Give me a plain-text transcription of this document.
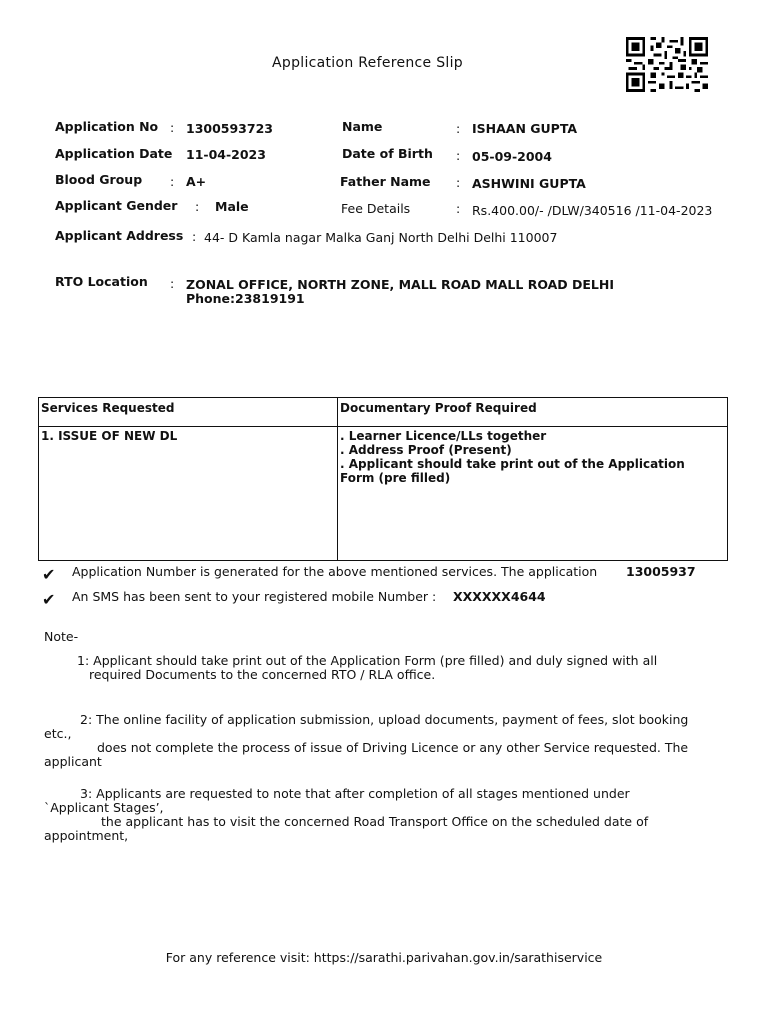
Application Reference Slip
Application No : 1300593723	Name	: ISHAAN GUPTA
Application Date 11-04-2023	Date of Birth : 05-09-2004
Blood Group : A+	Father Name : ASHWINI GUPTA
Applicant Gender : Male	Fee Details	: Rs.400.00/- /DLW/340516 /11-04-2023
Applicant Address : 44- D Kamla nagar Malka Ganj North Delhi Delhi 110007
RTO Location : ZONAL OFFICE, NORTH ZONE, MALL ROAD MALL ROAD DELHI
Phone:23819191
Services Requested	Documentary Proof Required
1. ISSUE OF NEW DL	. Learner Licence/LLs together
. Address Proof (Present)
. Applicant should take print out of the Application
Form (pre filled)
✔ Application Number is generated for the above mentioned services. The application 13005937
✔ An SMS has been sent to your registered mobile Number : XXXXXX4644
Note-
1: Applicant should take print out of the Application Form (pre filled) and duly signed with all
required Documents to the concerned RTO / RLA office.
2: The online facility of application submission, upload documents, payment of fees, slot booking
etc.,
does not complete the process of issue of Driving Licence or any other Service requested. The
applicant
3: Applicants are requested to note that after completion of all stages mentioned under
`Applicant Stages’,
the applicant has to visit the concerned Road Transport Office on the scheduled date of
appointment,
For any reference visit: https://sarathi.parivahan.gov.in/sarathiservice
